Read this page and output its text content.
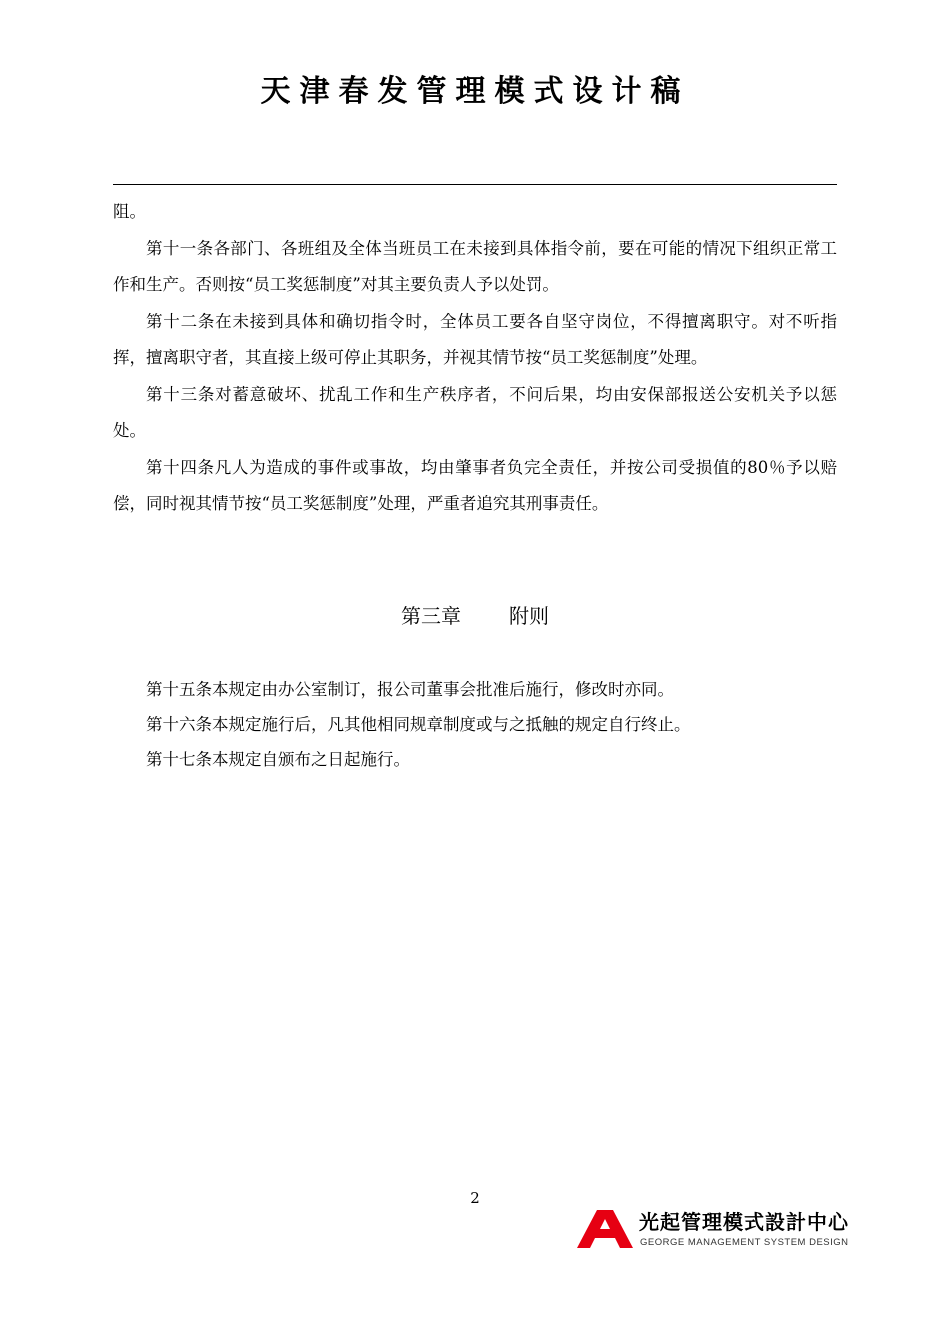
天津春发管理模式设计稿

阻。

第十一条各部门、各班组及全体当班员工在未接到具体指令前，要在可能的情况下组织正常工作和生产。否则按“员工奖惩制度”对其主要负责人予以处罚。

第十二条在未接到具体和确切指令时，全体员工要各自坚守岗位，不得擅离职守。对不听指挥，擅离职守者，其直接上级可停止其职务，并视其情节按“员工奖惩制度”处理。

第十三条对蓄意破坏、扰乱工作和生产秩序者，不问后果，均由安保部报送公安机关予以惩处。

第十四条凡人为造成的事件或事故，均由肇事者负完全责任，并按公司受损值的80％予以赔偿，同时视其情节按“员工奖惩制度”处理，严重者追究其刑事责任。

第三章 附则

第十五条本规定由办公室制订，报公司董事会批准后施行，修改时亦同。

第十六条本规定施行后，凡其他相同规章制度或与之抵触的规定自行终止。

第十七条本规定自颁布之日起施行。

2
光起管理模式設計中心
GEORGE MANAGEMENT SYSTEM DESIGN
